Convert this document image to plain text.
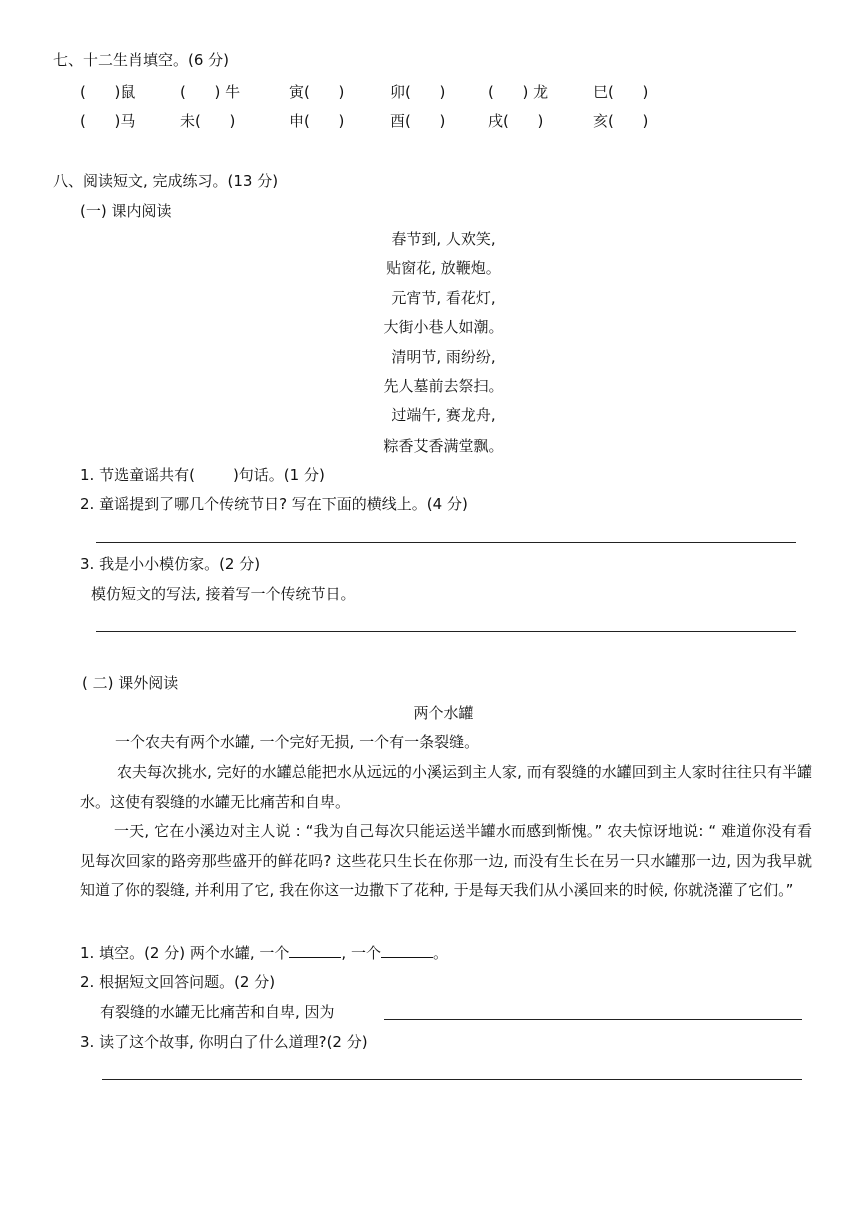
七、十二生肖填空。(6 分)
(      )鼠	(      ) 牛	寅(      )	卯(      )	(      ) 龙	巳(      )
(      )马	未(      )	申(      )	酉(      )	戌(      )	亥(      )
八、阅读短文, 完成练习。(13 分)
(一) 课内阅读
春节到, 人欢笑,
贴窗花, 放鞭炮。
元宵节, 看花灯,
大街小巷人如潮。
清明节, 雨纷纷,
先人墓前去祭扫。
过端午, 赛龙舟,
粽香艾香满堂飘。
1. 节选童谣共有(	)句话。(1 分)
2. 童谣提到了哪几个传统节日? 写在下面的横线上。(4 分)
3. 我是小小模仿家。(2 分)
模仿短文的写法, 接着写一个传统节日。
( 二) 课外阅读
两个水罐
一个农夫有两个水罐, 一个完好无损, 一个有一条裂缝。
农夫每次挑水, 完好的水罐总能把水从远远的小溪运到主人家, 而有裂缝的水罐回到主人家时往往只有半罐水。这使有裂缝的水罐无比痛苦和自卑。
一天, 它在小溪边对主人说 : “我为自己每次只能运送半罐水而感到惭愧。” 农夫惊讶地说: “ 难道你没有看见每次回家的路旁那些盛开的鲜花吗? 这些花只生长在你那一边, 而没有生长在另一只水罐那一边, 因为我早就知道了你的裂缝, 并利用了它, 我在你这一边撒下了花种, 于是每天我们从小溪回来的时候, 你就浇灌了它们。”
1. 填空。(2 分) 两个水罐, 一个	, 一个	。
2. 根据短文回答问题。(2 分)
有裂缝的水罐无比痛苦和自卑, 因为
3. 读了这个故事, 你明白了什么道理?(2 分)
